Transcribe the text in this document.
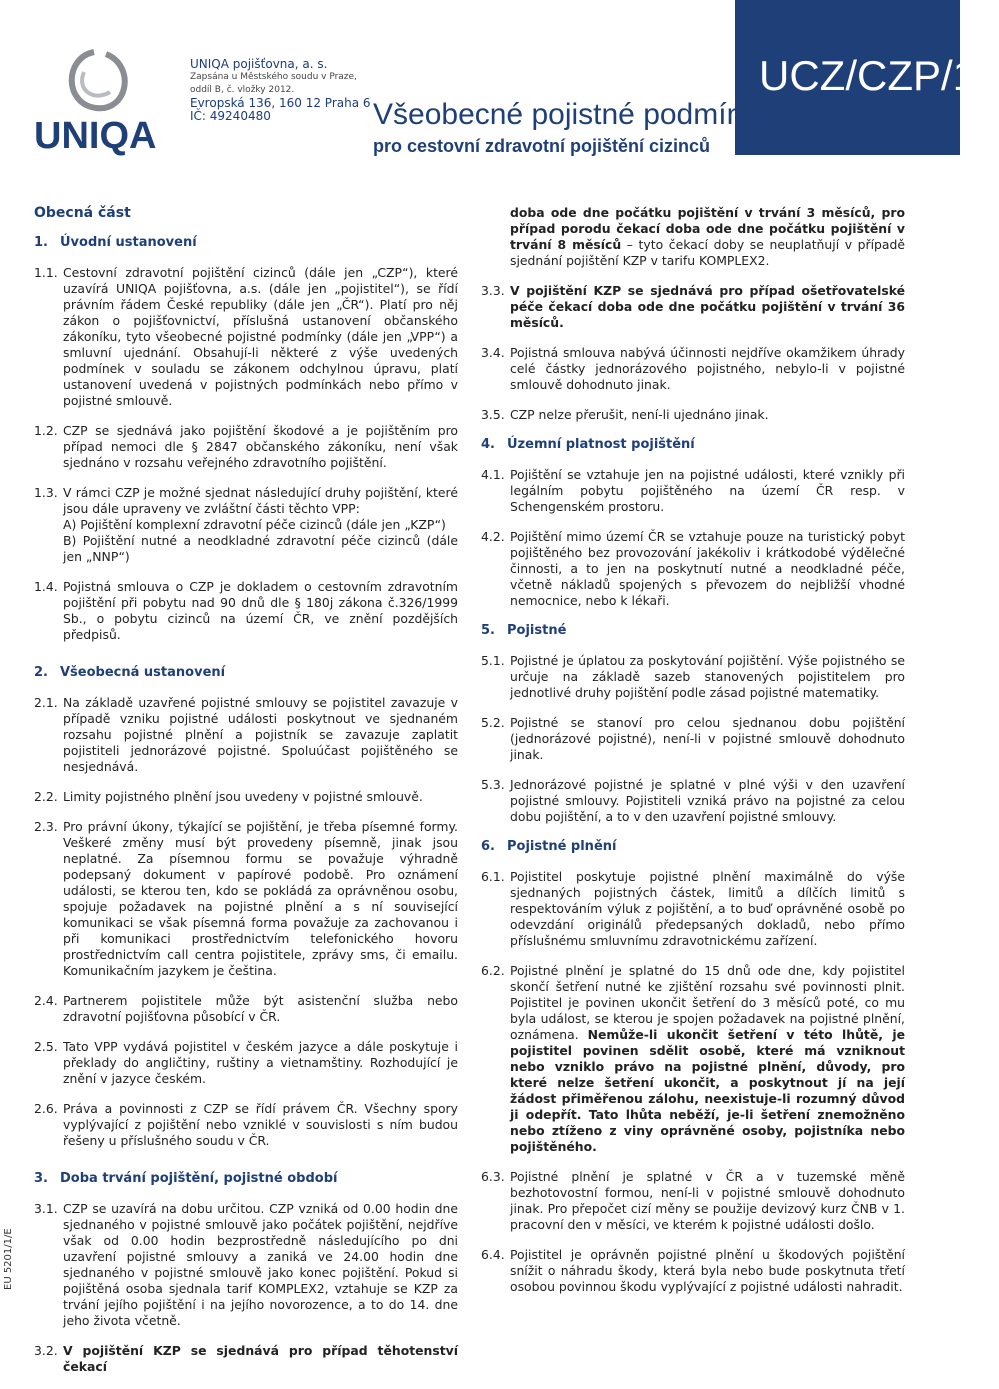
UNIQA
UNIQA pojišťovna, a. s.
Zapsána u Městského soudu v Praze,
oddíl B, č. vložky 2012.
Evropská 136, 160 12 Praha 6
IČ: 49240480
UCZ/CZP/14
Všeobecné pojistné podmínky
pro cestovní zdravotní pojištění cizinců
Obecná část
1. Úvodní ustanovení
1.1. Cestovní zdravotní pojištění cizinců (dále jen „CZP“), které uzavírá UNIQA pojišťovna, a.s. (dále jen „pojistitel“), se řídí právním řádem České republiky (dále jen „ČR“). Platí pro něj zákon o pojišťovnictví, příslušná ustanovení občanského zákoníku, tyto všeobecné pojistné podmínky (dále jen „VPP“) a smluvní ujednání. Obsahují-li některé z výše uvedených podmínek v souladu se zákonem odchylnou úpravu, platí ustanovení uvedená v pojistných podmínkách nebo přímo v pojistné smlouvě.
1.2. CZP se sjednává jako pojištění škodové a je pojištěním pro případ nemoci dle § 2847 občanského zákoníku, není však sjednáno v rozsahu veřejného zdravotního pojištění.
1.3. V rámci CZP je možné sjednat následující druhy pojištění, které jsou dále upraveny ve zvláštní části těchto VPP:
A) Pojištění komplexní zdravotní péče cizinců (dále jen „KZP“)
B) Pojištění nutné a neodkladné zdravotní péče cizinců (dále jen „NNP“)
1.4. Pojistná smlouva o CZP je dokladem o cestovním zdravotním pojištění při pobytu nad 90 dnů dle § 180j zákona č.326/1999 Sb., o pobytu cizinců na území ČR, ve znění pozdějších předpisů.
2. Všeobecná ustanovení
2.1. Na základě uzavřené pojistné smlouvy se pojistitel zavazuje v případě vzniku pojistné události poskytnout ve sjednaném rozsahu pojistné plnění a pojistník se zavazuje zaplatit pojistiteli jednorázové pojistné. Spoluúčast pojištěného se nesjednává.
2.2. Limity pojistného plnění jsou uvedeny v pojistné smlouvě.
2.3. Pro právní úkony, týkající se pojištění, je třeba písemné formy. Veškeré změny musí být provedeny písemně, jinak jsou neplatné. Za písemnou formu se považuje výhradně podepsaný dokument v papírové podobě. Pro oznámení události, se kterou ten, kdo se pokládá za oprávněnou osobu, spojuje požadavek na pojistné plnění a s ní související komunikaci se však písemná forma považuje za zachovanou i při komunikaci prostřednictvím telefonického hovoru prostřednictvím call centra pojistitele, zprávy sms, či emailu. Komunikačním jazykem je čeština.
2.4. Partnerem pojistitele může být asistenční služba nebo zdravotní pojišťovna působící v ČR.
2.5. Tato VPP vydává pojistitel v českém jazyce a dále poskytuje i překlady do angličtiny, ruštiny a vietnamštiny. Rozhodující je znění v jazyce českém.
2.6. Práva a povinnosti z CZP se řídí právem ČR. Všechny spory vyplývající z pojištění nebo vzniklé v souvislosti s ním budou řešeny u příslušného soudu v ČR.
3. Doba trvání pojištění, pojistné období
3.1. CZP se uzavírá na dobu určitou. CZP vzniká od 0.00 hodin dne sjednaného v pojistné smlouvě jako počátek pojištění, nejdříve však od 0.00 hodin bezprostředně následujícího po dni uzavření pojistné smlouvy a zaniká ve 24.00 hodin dne sjednaného v pojistné smlouvě jako konec pojištění. Pokud si pojištěná osoba sjednala tarif KOMPLEX2, vztahuje se KZP za trvání jejího pojištění i na jejího novorozence, a to do 14. dne jeho života včetně.
3.2. V pojištění KZP se sjednává pro případ těhotenství čekací
doba ode dne počátku pojištění v trvání 3 měsíců, pro případ porodu čekací doba ode dne počátku pojištění v trvání 8 měsíců – tyto čekací doby se neuplatňují v případě sjednání pojištění KZP v tarifu KOMPLEX2.
3.3. V pojištění KZP se sjednává pro případ ošetřovatelské péče čekací doba ode dne počátku pojištění v trvání 36 měsíců.
3.4. Pojistná smlouva nabývá účinnosti nejdříve okamžikem úhrady celé částky jednorázového pojistného, nebylo-li v pojistné smlouvě dohodnuto jinak.
3.5. CZP nelze přerušit, není-li ujednáno jinak.
4. Územní platnost pojištění
4.1. Pojištění se vztahuje jen na pojistné události, které vznikly při legálním pobytu pojištěného na území ČR resp. v Schengenském prostoru.
4.2. Pojištění mimo území ČR se vztahuje pouze na turistický pobyt pojištěného bez provozování jakékoliv i krátkodobé výdělečné činnosti, a to jen na poskytnutí nutné a neodkladné péče, včetně nákladů spojených s převozem do nejbližší vhodné nemocnice, nebo k lékaři.
5. Pojistné
5.1. Pojistné je úplatou za poskytování pojištění. Výše pojistného se určuje na základě sazeb stanovených pojistitelem pro jednotlivé druhy pojištění podle zásad pojistné matematiky.
5.2. Pojistné se stanoví pro celou sjednanou dobu pojištění (jednorázové pojistné), není-li v pojistné smlouvě dohodnuto jinak.
5.3. Jednorázové pojistné je splatné v plné výši v den uzavření pojistné smlouvy. Pojistiteli vzniká právo na pojistné za celou dobu pojištění, a to v den uzavření pojistné smlouvy.
6. Pojistné plnění
6.1. Pojistitel poskytuje pojistné plnění maximálně do výše sjednaných pojistných částek, limitů a dílčích limitů s respektováním výluk z pojištění, a to buď oprávněné osobě po odevzdání originálů předepsaných dokladů, nebo přímo příslušnému smluvnímu zdravotnickému zařízení.
6.2. Pojistné plnění je splatné do 15 dnů ode dne, kdy pojistitel skončí šetření nutné ke zjištění rozsahu své povinnosti plnit. Pojistitel je povinen ukončit šetření do 3 měsíců poté, co mu byla událost, se kterou je spojen požadavek na pojistné plnění, oznámena. Nemůže-li ukončit šetření v této lhůtě, je pojistitel povinen sdělit osobě, které má vzniknout nebo vzniklo právo na pojistné plnění, důvody, pro které nelze šetření ukončit, a poskytnout jí na její žádost přiměřenou zálohu, neexistuje-li rozumný důvod ji odepřít. Tato lhůta neběží, je-li šetření znemožněno nebo ztíženo z viny oprávněné osoby, pojistníka nebo pojištěného.
6.3. Pojistné plnění je splatné v ČR a v tuzemské měně bezhotovostní formou, není-li v pojistné smlouvě dohodnuto jinak. Pro přepočet cizí měny se použije devizový kurz ČNB v 1. pracovní den v měsíci, ve kterém k pojistné události došlo.
6.4. Pojistitel je oprávněn pojistné plnění u škodových pojištění snížit o náhradu škody, která byla nebo bude poskytnuta třetí osobou povinnou škodu vyplývající z pojistné události nahradit.
EU 5201/1/E
